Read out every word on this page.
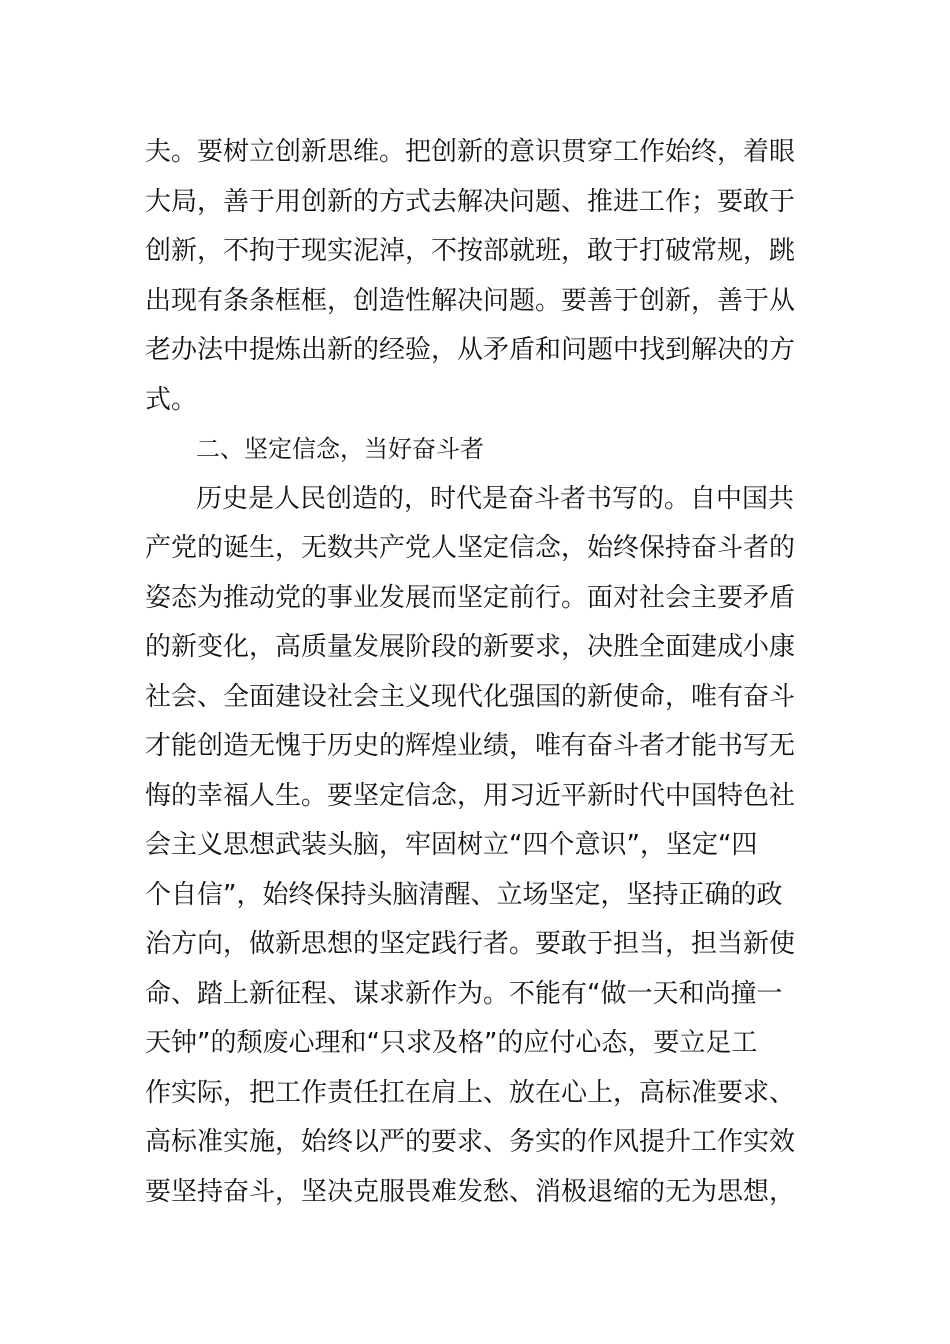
夫。要树立创新思维。把创新的意识贯穿工作始终，着眼
大局，善于用创新的方式去解决问题、推进工作；要敢于
创新，不拘于现实泥淖，不按部就班，敢于打破常规，跳
出现有条条框框，创造性解决问题。要善于创新，善于从
老办法中提炼出新的经验，从矛盾和问题中找到解决的方
式。
二、坚定信念，当好奋斗者
历史是人民创造的，时代是奋斗者书写的。自中国共
产党的诞生，无数共产党人坚定信念，始终保持奋斗者的
姿态为推动党的事业发展而坚定前行。面对社会主要矛盾
的新变化，高质量发展阶段的新要求，决胜全面建成小康
社会、全面建设社会主义现代化强国的新使命，唯有奋斗
才能创造无愧于历史的辉煌业绩，唯有奋斗者才能书写无
悔的幸福人生。要坚定信念，用习近平新时代中国特色社
会主义思想武装头脑，牢固树立“四个意识”，坚定“四
个自信”，始终保持头脑清醒、立场坚定，坚持正确的政
治方向，做新思想的坚定践行者。要敢于担当，担当新使
命、踏上新征程、谋求新作为。不能有“做一天和尚撞一
天钟”的颓废心理和“只求及格”的应付心态，要立足工
作实际，把工作责任扛在肩上、放在心上，高标准要求、
高标准实施，始终以严的要求、务实的作风提升工作实效
要坚持奋斗，坚决克服畏难发愁、消极退缩的无为思想，
